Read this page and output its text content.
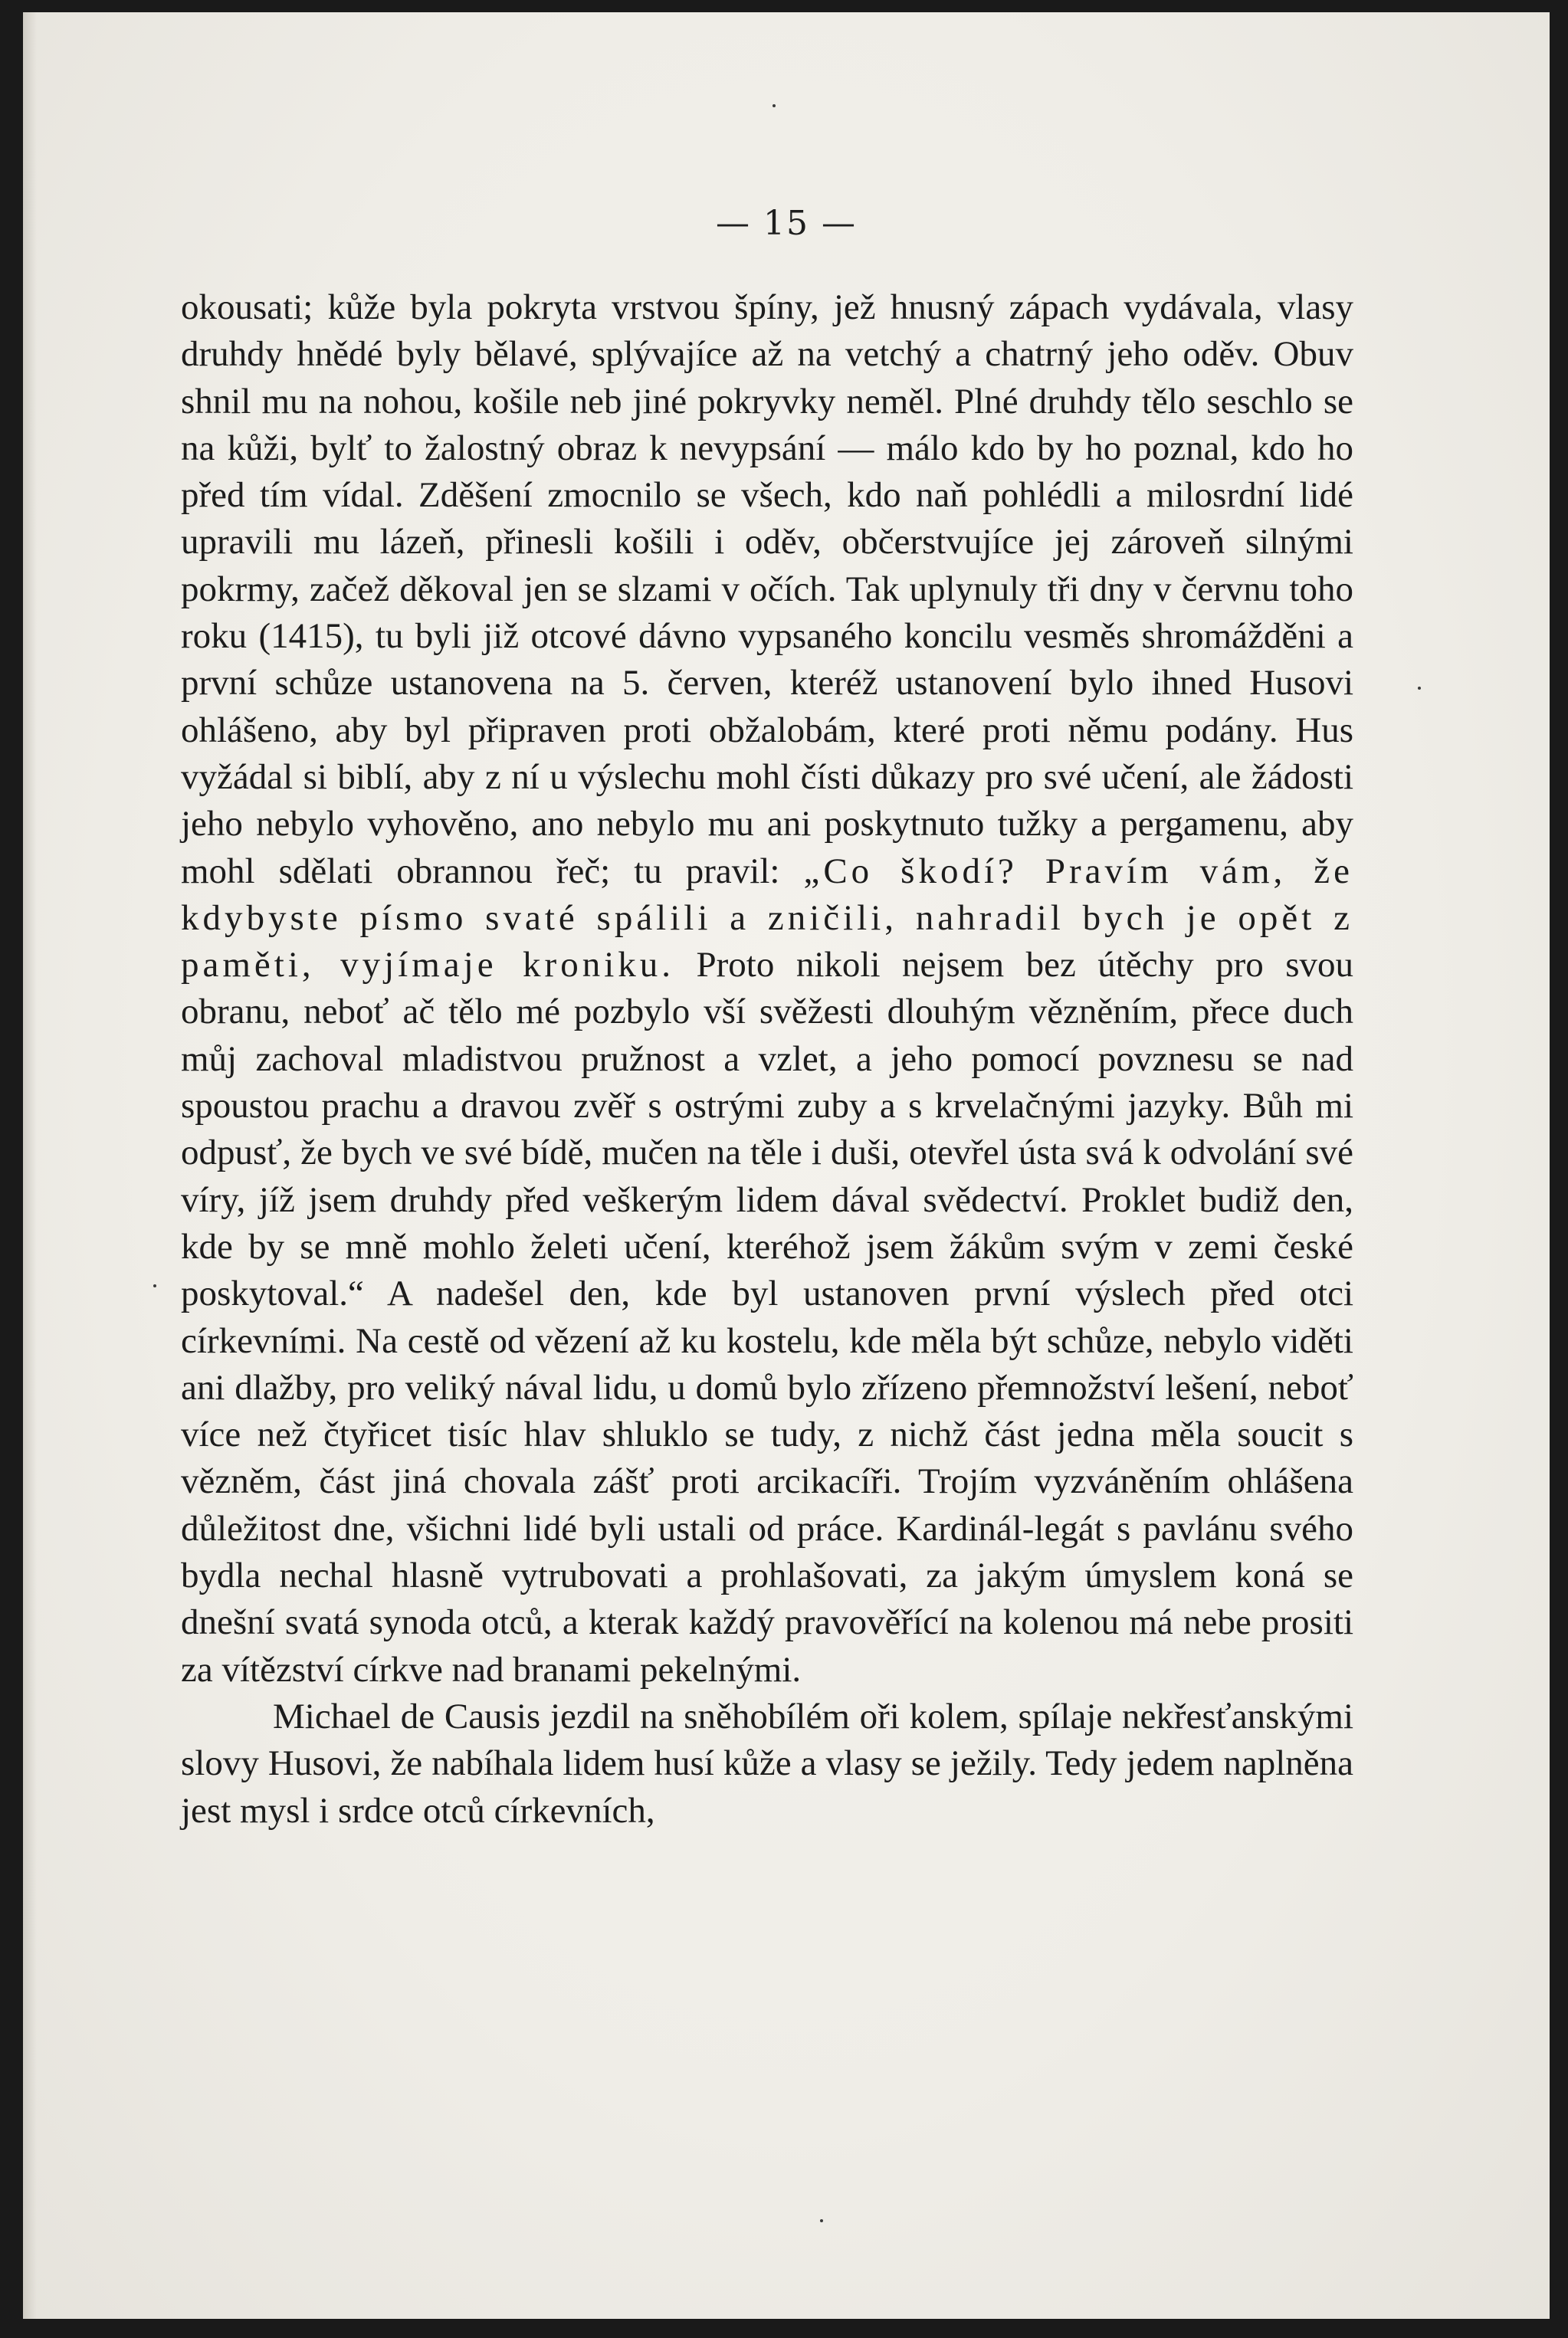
— 15 —

okousati; kůže byla pokryta vrstvou špíny, jež hnusný zápach vydávala, vlasy druhdy hnědé byly bělavé, splývajíce až na vetchý a chatrný jeho oděv. Obuv shnil mu na nohou, košile neb jiné pokryvky neměl. Plné druhdy tělo seschlo se na kůži, bylť to žalostný obraz k nevypsání — málo kdo by ho poznal, kdo ho před tím vídal. Zděšení zmocnilo se všech, kdo naň pohlédli a milosrdní lidé upravili mu lázeň, přinesli košili i oděv, občerstvujíce jej zároveň silnými pokrmy, začež děkoval jen se slzami v očích. Tak uplynuly tři dny v červnu toho roku (1415), tu byli již otcové dávno vypsaného koncilu vesměs shromážděni a první schůze ustanovena na 5. červen, kteréž ustanovení bylo ihned Husovi ohlášeno, aby byl připraven proti obžalobám, které proti němu podány. Hus vyžádal si biblí, aby z ní u výslechu mohl čísti důkazy pro své učení, ale žádosti jeho nebylo vyhověno, ano nebylo mu ani poskytnuto tužky a pergamenu, aby mohl sdělati obrannou řeč; tu pravil: „Co škodí? Pravím vám, že kdybyste písmo svaté spálili a zničili, nahradil bych je opět z paměti, vyjímaje kroniku. Proto nikoli nejsem bez útěchy pro svou obranu, neboť ač tělo mé pozbylo vší svěžesti dlouhým vězněním, přece duch můj zachoval mladistvou pružnost a vzlet, a jeho pomocí povznesu se nad spoustou prachu a dravou zvěř s ostrými zuby a s krvelačnými jazyky. Bůh mi odpusť, že bych ve své bídě, mučen na těle i duši, otevřel ústa svá k odvolání své víry, jíž jsem druhdy před veškerým lidem dával svědectví. Proklet budiž den, kde by se mně mohlo želeti učení, kteréhož jsem žákům svým v zemi české poskytoval.“ A nadešel den, kde byl ustanoven první výslech před otci církevními. Na cestě od vězení až ku kostelu, kde měla být schůze, nebylo viděti ani dlažby, pro veliký nával lidu, u domů bylo zřízeno přemnožství lešení, neboť více než čtyřicet tisíc hlav shluklo se tudy, z nichž část jedna měla soucit s vězněm, část jiná chovala zášť proti arcikacíři. Trojím vyzváněním ohlášena důležitost dne, všichni lidé byli ustali od práce. Kardinál-legát s pavlánu svého bydla nechal hlasně vytrubovati a prohlašovati, za jakým úmyslem koná se dnešní svatá synoda otců, a kterak každý pravověřící na kolenou má nebe prositi za vítězství církve nad branami pekelnými.

Michael de Causis jezdil na sněhobílém oři kolem, spílaje nekřesťanskými slovy Husovi, že nabíhala lidem husí kůže a vlasy se ježily. Tedy jedem naplněna jest mysl i srdce otců církevních,
